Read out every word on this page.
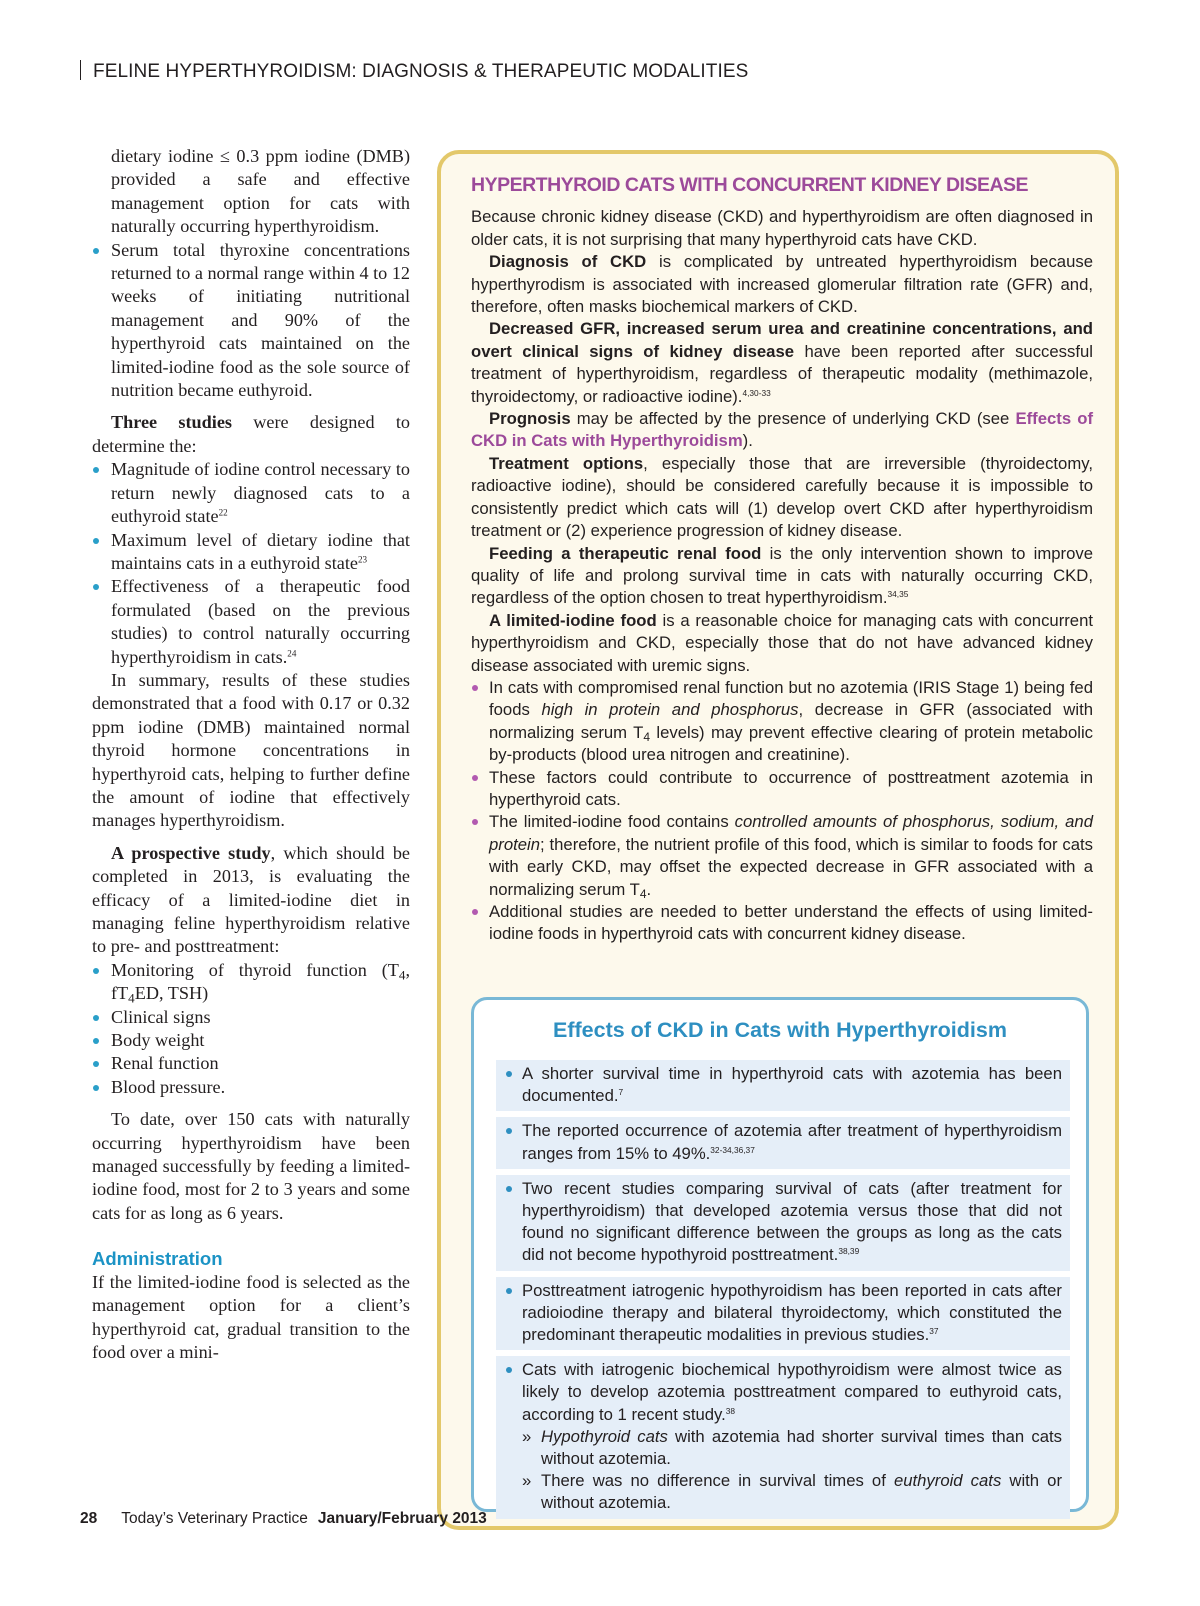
FELINE HYPERTHYROIDISM: DIAGNOSIS & THERAPEUTIC MODALITIES

dietary iodine ≤ 0.3 ppm iodine (DMB) provided a safe and effective management option for cats with naturally occurring hyperthyroidism.

Serum total thyroxine concentrations returned to a normal range within 4 to 12 weeks of initiating nutritional management and 90% of the hyperthyroid cats maintained on the limited-iodine food as the sole source of nutrition became euthyroid.

Three studies were designed to determine the:

Magnitude of iodine control necessary to return newly diagnosed cats to a euthyroid state$^{22}$
Maximum level of dietary iodine that maintains cats in a euthyroid state$^{23}$
Effectiveness of a therapeutic food formulated (based on the previous studies) to control naturally occurring hyperthyroidism in cats.$^{24}$

In summary, results of these studies demonstrated that a food with 0.17 or 0.32 ppm iodine (DMB) maintained normal thyroid hormone concentrations in hyperthyroid cats, helping to further define the amount of iodine that effectively manages hyperthyroidism.

A prospective study, which should be completed in 2013, is evaluating the efficacy of a limited-iodine diet in managing feline hyperthyroidism relative to pre- and posttreatment:

Monitoring of thyroid function ($T_4$, $fT_4ED$, TSH)
Clinical signs
Body weight
Renal function
Blood pressure.

To date, over 150 cats with naturally occurring hyperthyroidism have been managed successfully by feeding a limited-iodine food, most for 2 to 3 years and some cats for as long as 6 years.

Administration

If the limited-iodine food is selected as the management option for a client’s hyperthyroid cat, gradual transition to the food over a mini-

HYPERTHYROID CATS WITH CONCURRENT KIDNEY DISEASE

Because chronic kidney disease (CKD) and hyperthyroidism are often diagnosed in older cats, it is not surprising that many hyperthyroid cats have CKD.

Diagnosis of CKD is complicated by untreated hyperthyroidism because hyperthyrodism is associated with increased glomerular filtration rate (GFR) and, therefore, often masks biochemical markers of CKD.

Decreased GFR, increased serum urea and creatinine concentrations, and overt clinical signs of kidney disease have been reported after successful treatment of hyperthyroidism, regardless of therapeutic modality (methimazole, thyroidectomy, or radioactive iodine).$^{4,30-33}$

Prognosis may be affected by the presence of underlying CKD (see Effects of CKD in Cats with Hyperthyroidism).

Treatment options, especially those that are irreversible (thyroidectomy, radioactive iodine), should be considered carefully because it is impossible to consistently predict which cats will (1) develop overt CKD after hyperthyroidism treatment or (2) experience progression of kidney disease.

Feeding a therapeutic renal food is the only intervention shown to improve quality of life and prolong survival time in cats with naturally occurring CKD, regardless of the option chosen to treat hyperthyroidism.$^{34,35}$

A limited-iodine food is a reasonable choice for managing cats with concurrent hyperthyroidism and CKD, especially those that do not have advanced kidney disease associated with uremic signs.

In cats with compromised renal function but no azotemia (IRIS Stage 1) being fed foods high in protein and phosphorus, decrease in GFR (associated with normalizing serum $T_4$ levels) may prevent effective clearing of protein metabolic by-products (blood urea nitrogen and creatinine).
These factors could contribute to occurrence of posttreatment azotemia in hyperthyroid cats.
The limited-iodine food contains controlled amounts of phosphorus, sodium, and protein; therefore, the nutrient profile of this food, which is similar to foods for cats with early CKD, may offset the expected decrease in GFR associated with a normalizing serum $T_4$.
Additional studies are needed to better understand the effects of using limited-iodine foods in hyperthyroid cats with concurrent kidney disease.
Effects of CKD in Cats with Hyperthyroidism
A shorter survival time in hyperthyroid cats with azotemia has been documented.$^7$
The reported occurrence of azotemia after treatment of hyperthyroidism ranges from 15% to 49%.$^{32-34,36,37}$
Two recent studies comparing survival of cats (after treatment for hyperthyroidism) that developed azotemia versus those that did not found no significant difference between the groups as long as the cats did not become hypothyroid posttreatment.$^{38,39}$
Posttreatment iatrogenic hypothyroidism has been reported in cats after radioiodine therapy and bilateral thyroidectomy, which constituted the predominant therapeutic modalities in previous studies.$^{37}$
Cats with iatrogenic biochemical hypothyroidism were almost twice as likely to develop azotemia posttreatment compared to euthyroid cats, according to 1 recent study.$^{38}$
» Hypothyroid cats with azotemia had shorter survival times than cats without azotemia.
» There was no difference in survival times of euthyroid cats with or without azotemia.
28 Today’s Veterinary Practice January/February 2013
